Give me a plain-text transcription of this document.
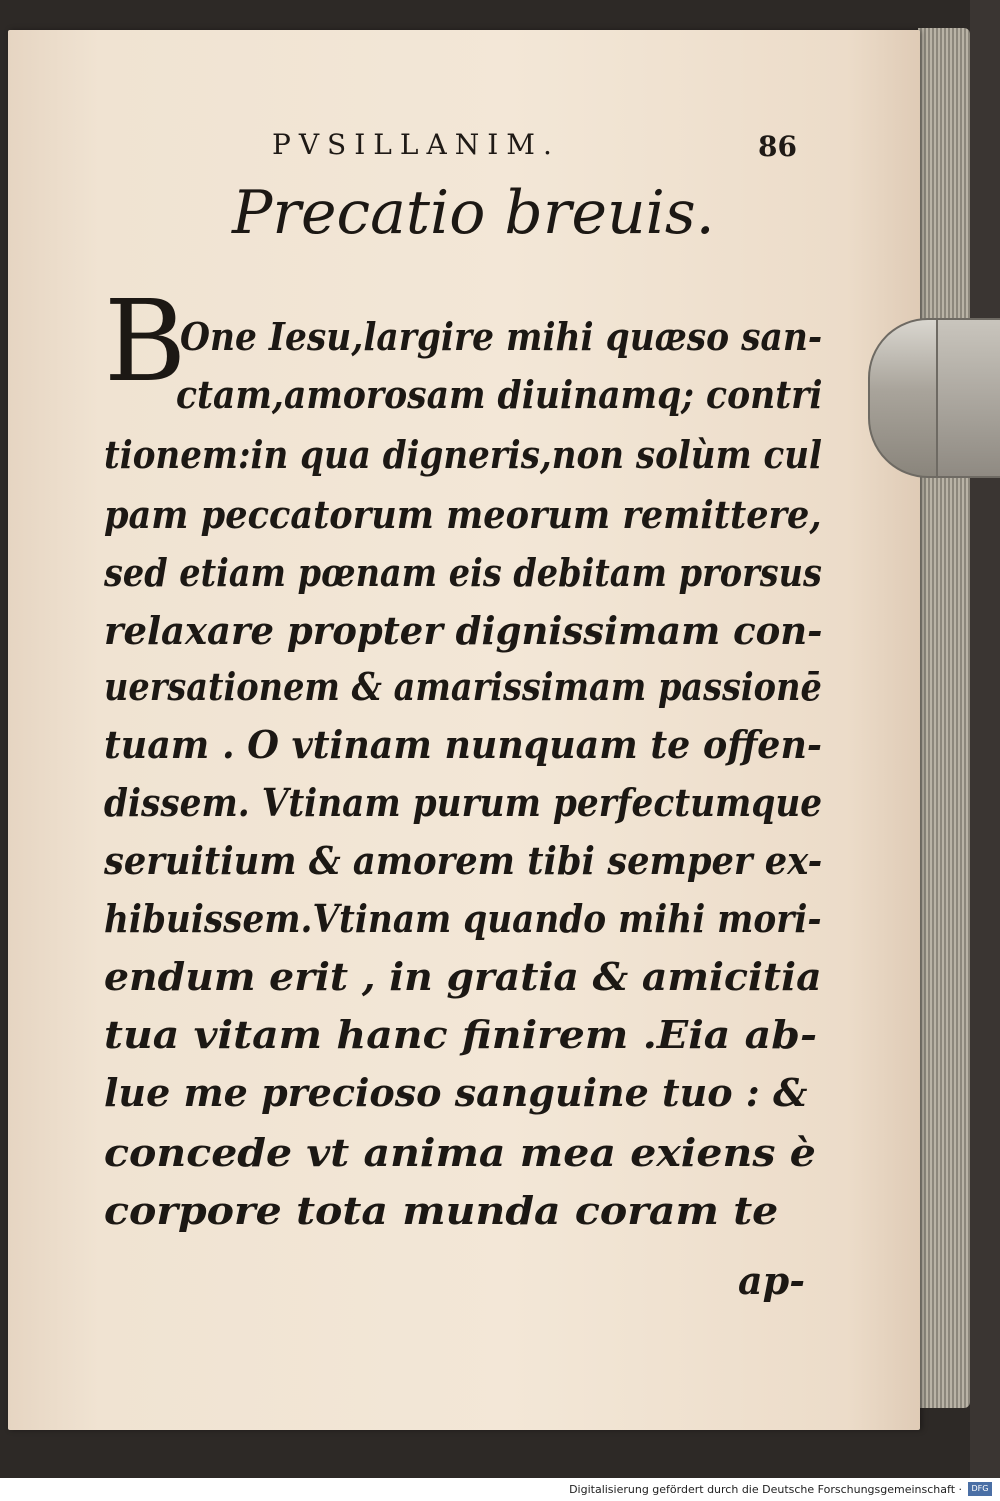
PVSILLANIM.	86
Precatio breuis.
B
One Iesu,largire mihi quæso san-
ctam,amorosam diuinamq; contri
tionem:in qua digneris,non solùm cul
pam peccatorum meorum remittere,
sed etiam pœnam eis debitam prorsus
relaxare propter dignissimam con-
uersationem & amarissimam passionē
tuam . O vtinam nunquam te offen-
dissem. Vtinam purum perfectumque
seruitium & amorem tibi semper ex-
hibuissem.Vtinam quando mihi mori-
endum erit , in gratia & amicitia
tua vitam hanc finirem .Eia ab-
lue me precioso sanguine tuo : &
concede vt anima mea exiens è
corpore tota munda coram te
ap-
Digitalisierung gefördert durch die Deutsche Forschungsgemeinschaft ·	DFG
